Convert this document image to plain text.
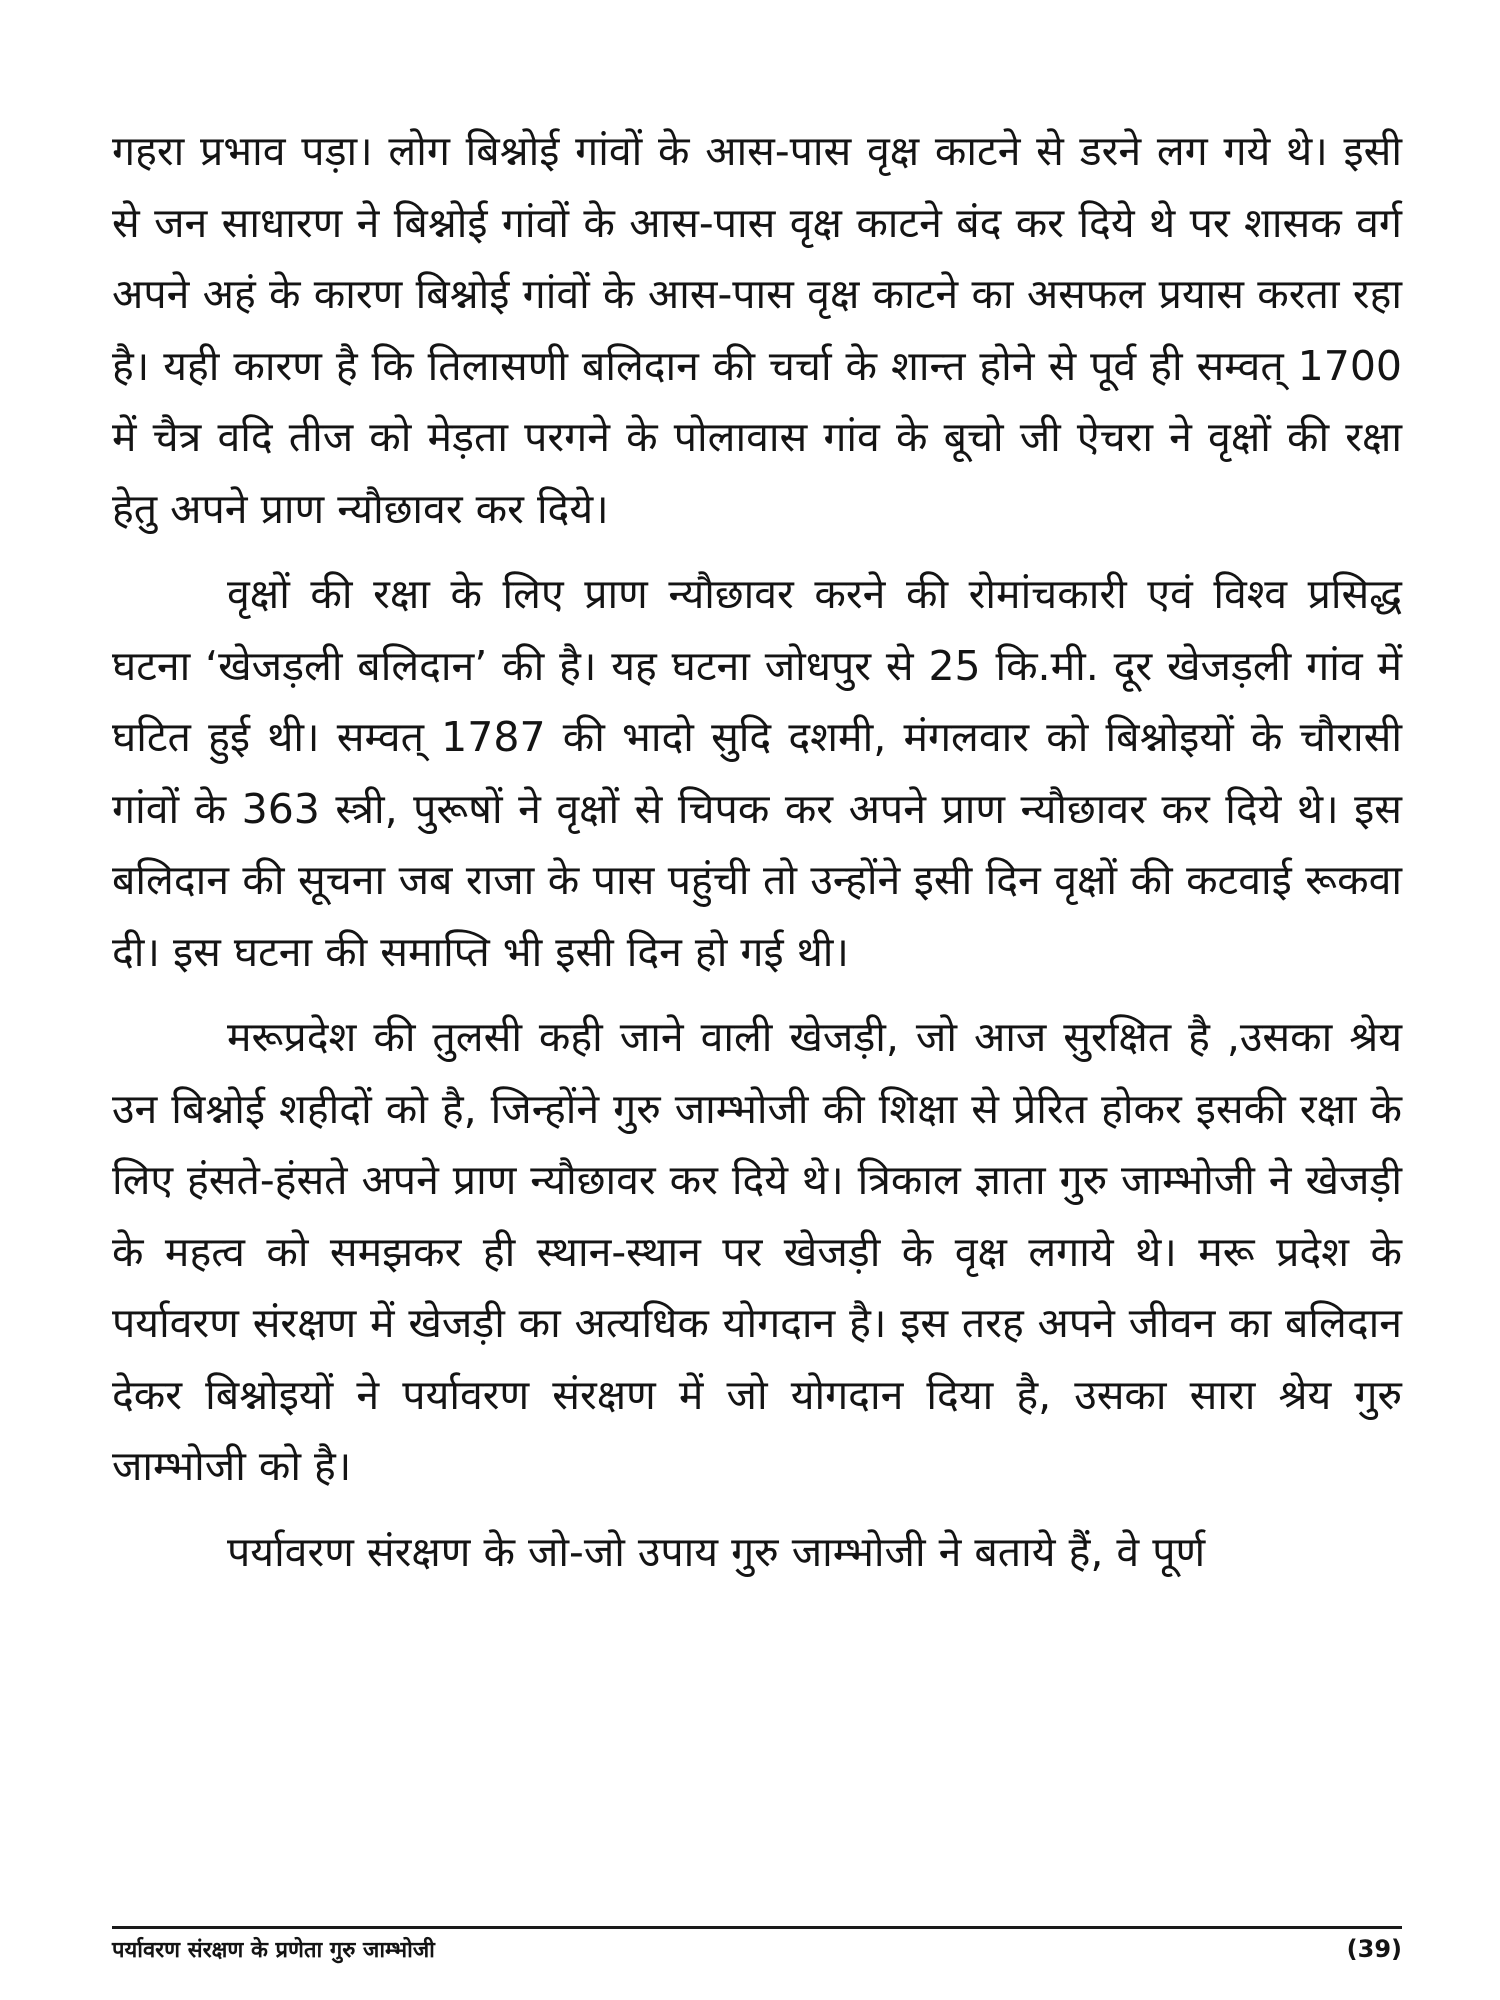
गहरा प्रभाव पड़ा। लोग बिश्नोई गांवों के आस-पास वृक्ष काटने से डरने लग गये थे। इसी से जन साधारण ने बिश्नोई गांवों के आस-पास वृक्ष काटने बंद कर दिये थे पर शासक वर्ग अपने अहं के कारण बिश्नोई गांवों के आस-पास वृक्ष काटने का असफल प्रयास करता रहा है। यही कारण है कि तिलासणी बलिदान की चर्चा के शान्त होने से पूर्व ही सम्वत् 1700 में चैत्र वदि तीज को मेड़ता परगने के पोलावास गांव के बूचो जी ऐचरा ने वृक्षों की रक्षा हेतु अपने प्राण न्यौछावर कर दिये।

वृक्षों की रक्षा के लिए प्राण न्यौछावर करने की रोमांचकारी एवं विश्व प्रसिद्ध घटना ‘खेजड़ली बलिदान’ की है। यह घटना जोधपुर से 25 कि.मी. दूर खेजड़ली गांव में घटित हुई थी। सम्वत् 1787 की भादो सुदि दशमी, मंगलवार को बिश्नोइयों के चौरासी गांवों के 363 स्त्री, पुरूषों ने वृक्षों से चिपक कर अपने प्राण न्यौछावर कर दिये थे। इस बलिदान की सूचना जब राजा के पास पहुंची तो उन्होंने इसी दिन वृक्षों की कटवाई रूकवा दी। इस घटना की समाप्ति भी इसी दिन हो गई थी।

मरूप्रदेश की तुलसी कही जाने वाली खेजड़ी, जो आज सुरक्षित है ,उसका श्रेय उन बिश्नोई शहीदों को है, जिन्होंने गुरु जाम्भोजी की शिक्षा से प्रेरित होकर इसकी रक्षा के लिए हंसते-हंसते अपने प्राण न्यौछावर कर दिये थे। त्रिकाल ज्ञाता गुरु जाम्भोजी ने खेजड़ी के महत्व को समझकर ही स्थान-स्थान पर खेजड़ी के वृक्ष लगाये थे। मरू प्रदेश के पर्यावरण संरक्षण में खेजड़ी का अत्यधिक योगदान है। इस तरह अपने जीवन का बलिदान देकर बिश्नोइयों ने पर्यावरण संरक्षण में जो योगदान दिया है, उसका सारा श्रेय गुरु जाम्भोजी को है।

पर्यावरण संरक्षण के जो-जो उपाय गुरु जाम्भोजी ने बताये हैं, वे पूर्ण

पर्यावरण संरक्षण के प्रणेता गुरु जाम्भोजी	(39)
